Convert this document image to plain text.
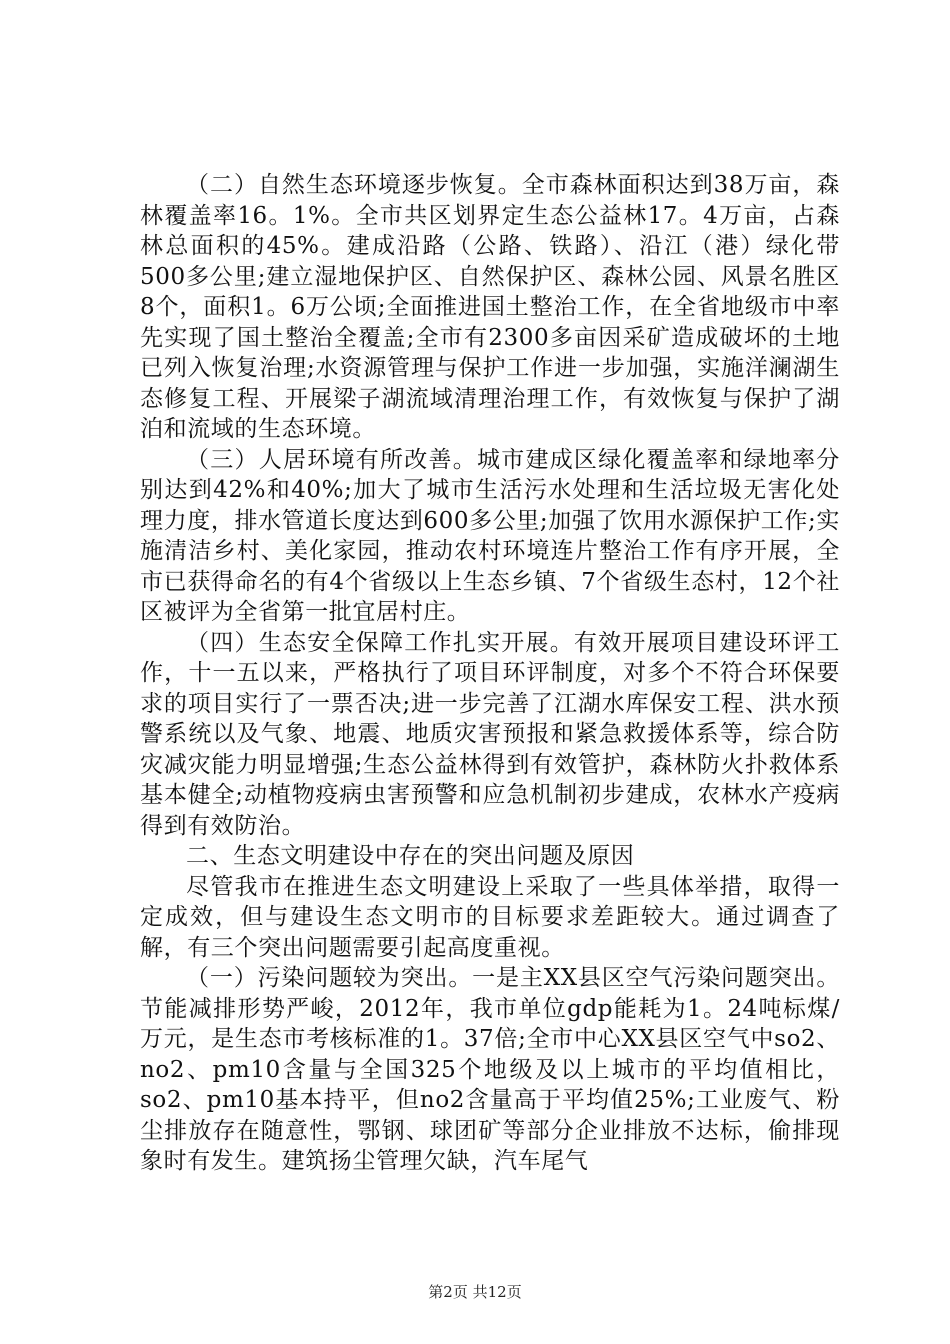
（二）自然生态环境逐步恢复。全市森林面积达到38万亩，森林覆盖率16。1%。全市共区划界定生态公益林17。4万亩，占森林总面积的45%。建成沿路（公路、铁路）、沿江（港）绿化带500多公里;建立湿地保护区、自然保护区、森林公园、风景名胜区8个，面积1。6万公顷;全面推进国土整治工作，在全省地级市中率先实现了国土整治全覆盖;全市有2300多亩因采矿造成破坏的土地已列入恢复治理;水资源管理与保护工作进一步加强，实施洋澜湖生态修复工程、开展梁子湖流域清理治理工作，有效恢复与保护了湖泊和流域的生态环境。

（三）人居环境有所改善。城市建成区绿化覆盖率和绿地率分别达到42%和40%;加大了城市生活污水处理和生活垃圾无害化处理力度，排水管道长度达到600多公里;加强了饮用水源保护工作;实施清洁乡村、美化家园，推动农村环境连片整治工作有序开展，全市已获得命名的有4个省级以上生态乡镇、7个省级生态村，12个社区被评为全省第一批宜居村庄。

（四）生态安全保障工作扎实开展。有效开展项目建设环评工作，十一五以来，严格执行了项目环评制度，对多个不符合环保要求的项目实行了一票否决;进一步完善了江湖水库保安工程、洪水预警系统以及气象、地震、地质灾害预报和紧急救援体系等，综合防灾减灾能力明显增强;生态公益林得到有效管护，森林防火扑救体系基本健全;动植物疫病虫害预警和应急机制初步建成，农林水产疫病得到有效防治。

二、生态文明建设中存在的突出问题及原因

尽管我市在推进生态文明建设上采取了一些具体举措，取得一定成效，但与建设生态文明市的目标要求差距较大。通过调查了解，有三个突出问题需要引起高度重视。

（一）污染问题较为突出。一是主XX县区空气污染问题突出。节能减排形势严峻，2012年，我市单位gdp能耗为1。24吨标煤/万元，是生态市考核标准的1。37倍;全市中心XX县区空气中so2、no2、pm10含量与全国325个地级及以上城市的平均值相比，so2、pm10基本持平，但no2含量高于平均值25%;工业废气、粉尘排放存在随意性，鄂钢、球团矿等部分企业排放不达标，偷排现象时有发生。建筑扬尘管理欠缺，汽车尾气

第2页 共12页
